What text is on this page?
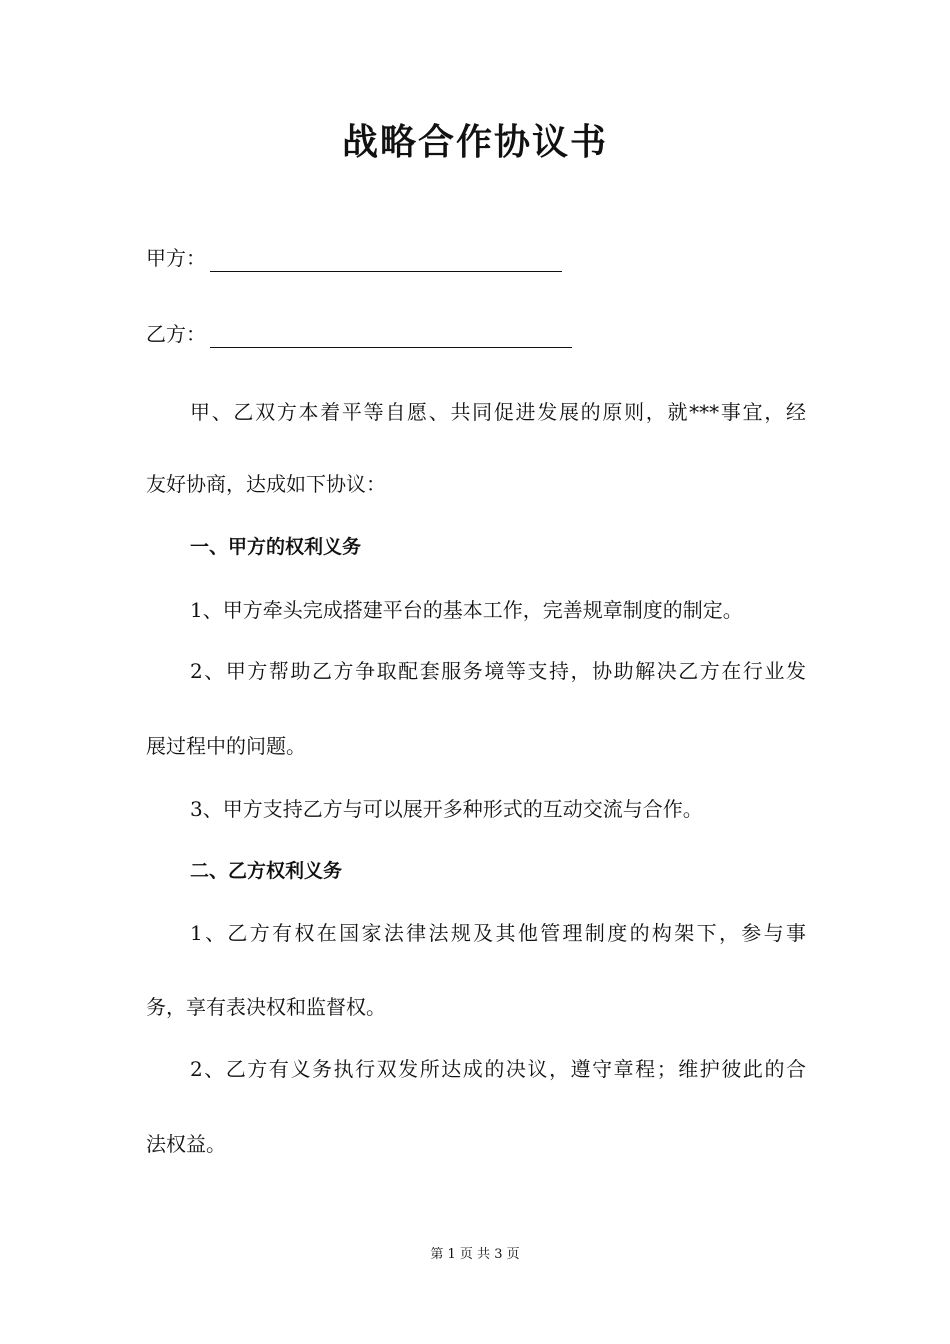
战略合作协议书
甲方：
乙方：
甲、乙双方本着平等自愿、共同促进发展的原则，就***事宜，经
友好协商，达成如下协议：
一、甲方的权利义务
1、甲方牵头完成搭建平台的基本工作，完善规章制度的制定。
2、甲方帮助乙方争取配套服务境等支持，协助解决乙方在行业发
展过程中的问题。
3、甲方支持乙方与可以展开多种形式的互动交流与合作。
二、乙方权利义务
1、乙方有权在国家法律法规及其他管理制度的构架下，参与事
务，享有表决权和监督权。
2、乙方有义务执行双发所达成的决议，遵守章程；维护彼此的合
法权益。
第 1 页 共 3 页
